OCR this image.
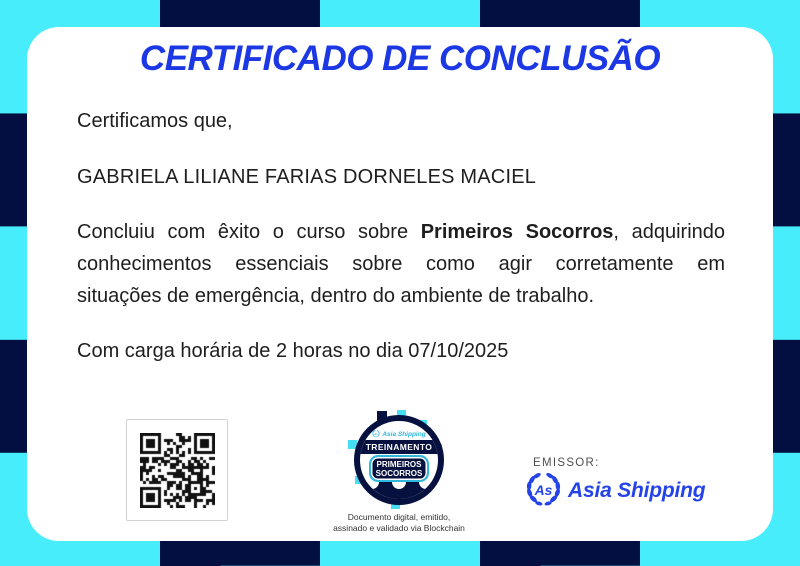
CERTIFICADO DE CONCLUSÃO
Certificamos que,
GABRIELA LILIANE FARIAS DORNELES MACIEL
Concluiu com êxito o curso sobre Primeiros Socorros, adquirindo
conhecimentos essenciais sobre como agir corretamente em
situações de emergência, dentro do ambiente de trabalho.
Com carga horária de 2 horas no dia 07/10/2025
Asia Shipping
TREINAMENTO
PRIMEIROS
SOCORROS
Documento digital, emitido,
assinado e validado via Blockchain
EMISSOR:
Asia Shipping
